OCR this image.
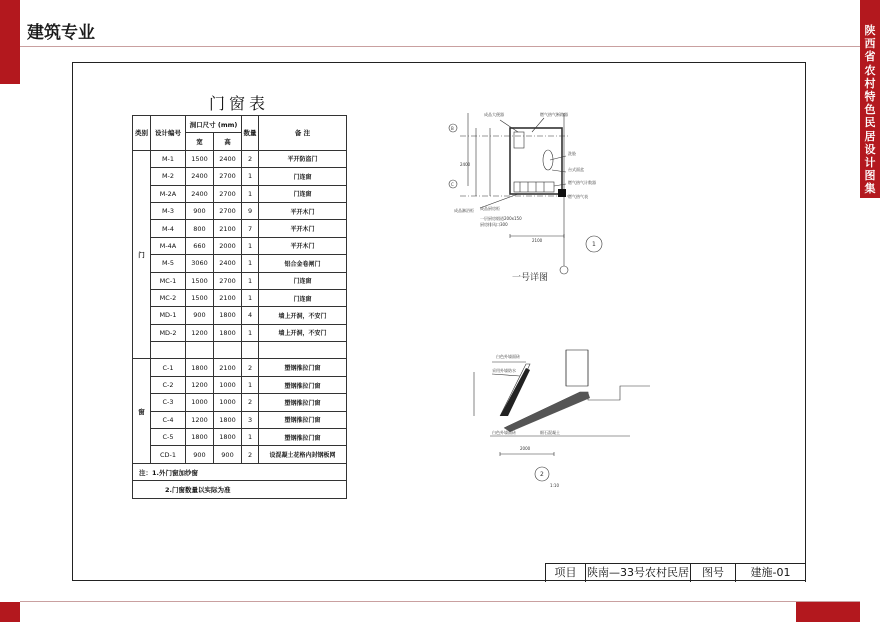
建筑专业	陕
西
省
农
村
特
色
民
居
设
计
图
集
门窗表
类别	设计编号	洞口尺寸 (mm)		数量	备 注
		宽	高		
门	M-1	1500	2400	2	平开防盗门
	M-2	2400	2700	1	门连窗
	M-2A	2400	2700	1	门连窗
	M-3	900	2700	9	平开木门
	M-4	800	2100	7	平开木门
	M-4A	660	2000	1	平开木门
	M-5	3060	2400	1	铝合金卷闸门
	MC-1	1500	2700	1	门连窗
	MC-2	1500	2100	1	门连窗
	MD-1	900	1800	4	墙上开洞，不安门
	MD-2	1200	1800	1	墙上开洞，不安门

窗	C-1	1800	2100	2	塑钢推拉门窗
	C-2	1200	1000	1	塑钢推拉门窗
	C-3	1000	1000	2	塑钢推拉门窗
	C-4	1200	1800	3	塑钢推拉门窗
	C-5	1800	1800	1	塑钢推拉门窗
	CD-1	900	900	2	设混凝土花格内封钢板网
注：1.外门窗加纱窗					
2.门窗数量以实际为准					
成品大便器	燃气热气断路器
洗脸
台式面盆
燃气热气计数器
成品淋浴柜 成品厨房柜
燃气热气表
一层厨房烟道200x150
厨房排风口300
2100
2400
B
C
1
一号详图
白色外墙面砖
采用外墙防水
白色外墙面砖	细石混凝土
2000
1:10
2
项目 陕南—33号农村民居	图号	建施-01
